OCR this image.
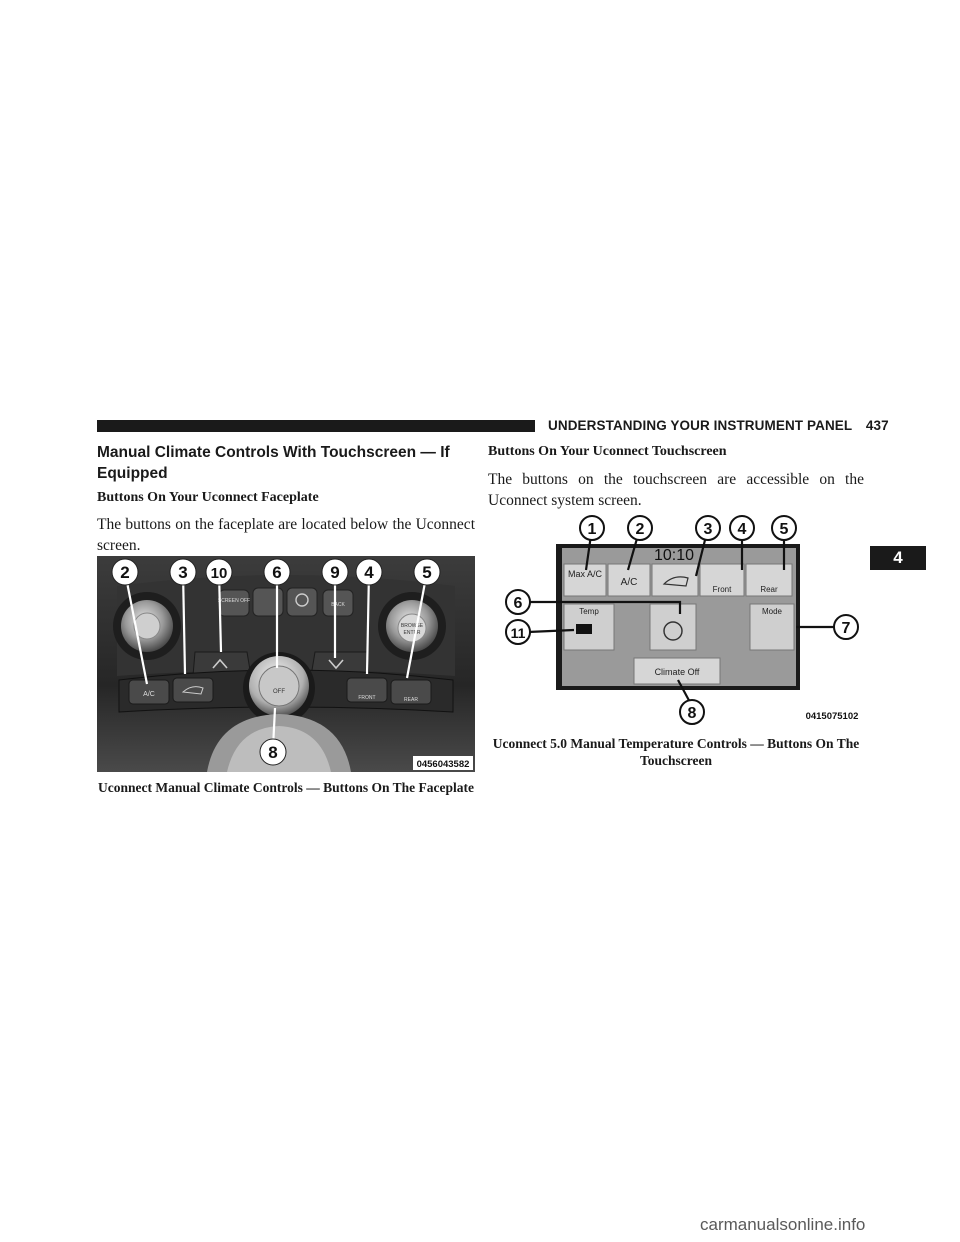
UNDERSTANDING YOUR INSTRUMENT PANEL 437
4
Manual Climate Controls With Touchscreen — If Equipped
Buttons On Your Uconnect Faceplate
The buttons on the faceplate are located below the Uconnect screen.
BROWSE
ENTER
SCREEN OFF
BACK
A/C	FRONT	REAR
OFF
2	3 10	6	9 4	5
8
0456043582
Uconnect Manual Climate Controls — Buttons On The Faceplate
Buttons On Your Uconnect Touchscreen
The buttons on the touchscreen are accessible on the Uconnect system screen.
Max A/C
A/C
10:10
Front	Rear
Temp	Mode
Climate Off
1 2	3 4 5
6
11	7
8	0415075102
Uconnect 5.0 Manual Temperature Controls — Buttons On The Touchscreen
carmanualsonline.info
